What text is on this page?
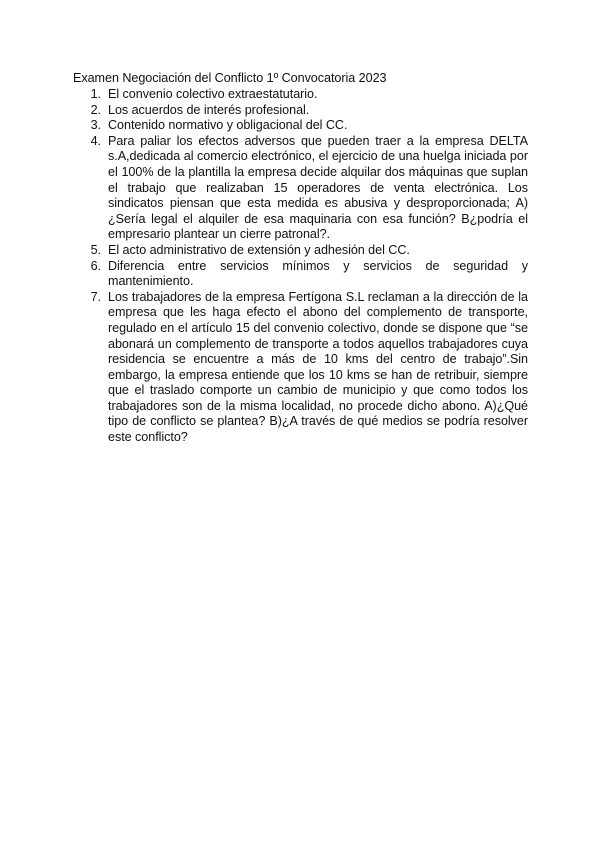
Examen Negociación del Conflicto 1º Convocatoria 2023
1. El convenio colectivo extraestatutario.
2. Los acuerdos de interés profesional.
3. Contenido normativo y obligacional del CC.
4. Para paliar los efectos adversos que pueden traer a la empresa DELTA s.A,dedicada al comercio electrónico, el ejercicio de una huelga iniciada por el 100% de la plantilla la empresa decide alquilar dos máquinas que suplan el trabajo que realizaban 15 operadores de venta electrónica. Los sindicatos piensan que esta medida es abusiva y desproporcionada; A)¿Sería legal el alquiler de esa maquinaria con esa función? B¿podría el empresario plantear un cierre patronal?.
5. El acto administrativo de extensión y adhesión del CC.
6. Diferencia entre servicios mínimos y servicios de seguridad y mantenimiento.
7. Los trabajadores de la empresa Fertígona S.L reclaman a la dirección de la empresa que les haga efecto el abono del complemento de transporte, regulado en el artículo 15 del convenio colectivo, donde se dispone que “se abonará un complemento de transporte a todos aquellos trabajadores cuya residencia se encuentre a más de 10 kms del centro de trabajo”.Sin embargo, la empresa entiende que los 10 kms se han de retribuir, siempre que el traslado comporte un cambio de municipio y que como todos los trabajadores son de la misma localidad, no procede dicho abono. A)¿Qué tipo de conflicto se plantea? B)¿A través de qué medios se podría resolver este conflicto?
